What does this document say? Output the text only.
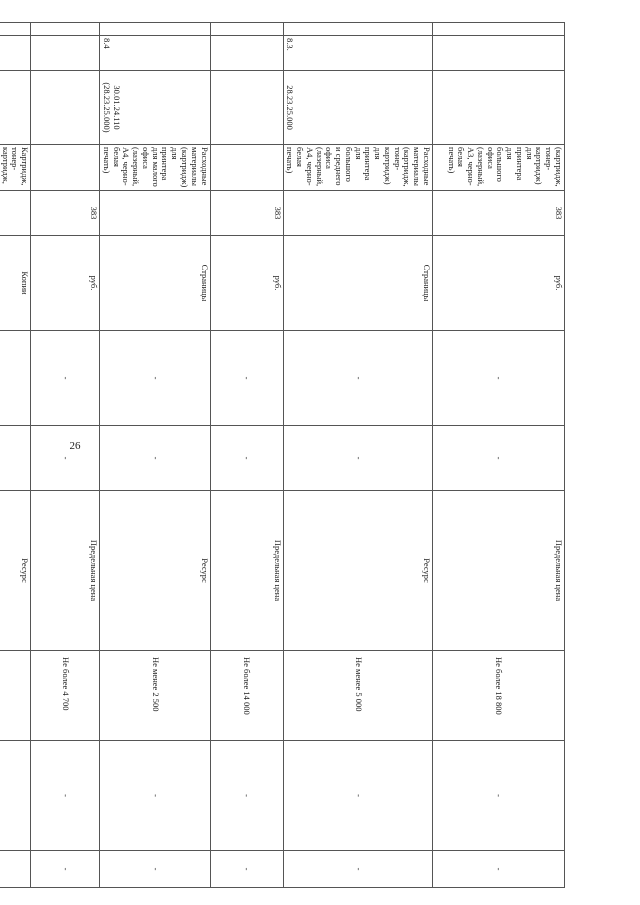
26
			(картридж, тонер-картридж) для принтера для большого офиса (лазерный, А3, черно-белая печать)	383	руб.	-	-	Предельная цена	Не более 18 800	-	-
	8.3.	28.23.25.000	Расходные материалы (картридж, тонер-картридж) для принтера для большого и среднего офиса (лазерный, А4, черно-белая печать)		Страницы	-	-	Ресурс	Не менее 5 000	-	-
				383	руб.	-	-	Предельная цена	Не более 14 000	-	-
	8.4	30.01.24.110 (28.23.25.000)	Расходные материалы (картридж) для принтера для малого офиса (лазерный, А4, черно-белая печать)		Страницы	-	-	Ресурс	Не менее 2 500	-	-
				383	руб.	-	-	Предельная цена	Не более 4 700	-	-
			Картридж, тонер-картридж,		Копии			Ресурс			
